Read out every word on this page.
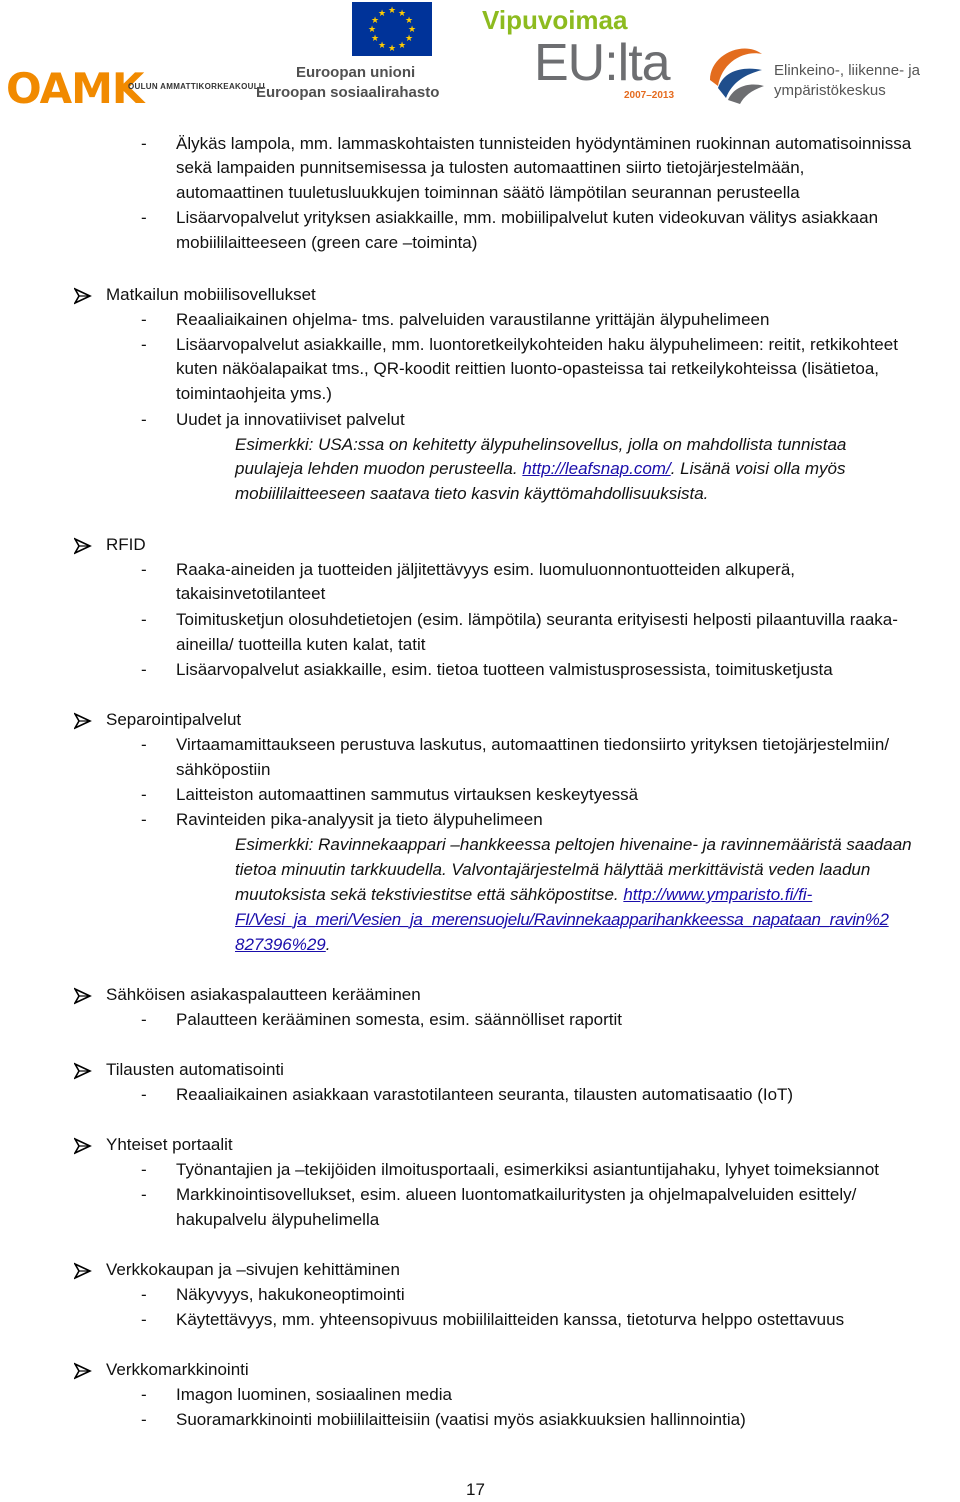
OAMK
OULUN AMMATTIKORKEAKOULU
★ ★
★
★
★
★
★
★
★
★
★
★
Euroopan unioni
Euroopan sosiaalirahasto
Vipuvoimaa
EU:lta
2007–2013
Elinkeino-, liikenne- ja
ympäristökeskus
- Älykäs lampola, mm. lammaskohtaisten tunnisteiden hyödyntäminen ruokinnan automatisoinnissa
sekä lampaiden punnitsemisessa ja tulosten automaattinen siirto tietojärjestelmään,
automaattinen tuuletusluukkujen toiminnan säätö lämpötilan seurannan perusteella
- Lisäarvopalvelut yrityksen asiakkaille, mm. mobiilipalvelut kuten videokuvan välitys asiakkaan
mobiililaitteeseen (green care –toiminta)
Matkailun mobiilisovellukset
- Reaaliaikainen ohjelma- tms. palveluiden varaustilanne yrittäjän älypuhelimeen
- Lisäarvopalvelut asiakkaille, mm. luontoretkeilykohteiden haku älypuhelimeen: reitit, retkikohteet
kuten näköalapaikat tms., QR-koodit reittien luonto-opasteissa tai retkeilykohteissa (lisätietoa,
toimintaohjeita yms.)
- Uudet ja innovatiiviset palvelut
Esimerkki: USA:ssa on kehitetty älypuhelinsovellus, jolla on mahdollista tunnistaa
puulajeja lehden muodon perusteella. http://leafsnap.com/. Lisänä voisi olla myös
mobiililaitteeseen saatava tieto kasvin käyttömahdollisuuksista.
RFID
- Raaka-aineiden ja tuotteiden jäljitettävyys esim. luomuluonnontuotteiden alkuperä,
takaisinvetotilanteet
- Toimitusketjun olosuhdetietojen (esim. lämpötila) seuranta erityisesti helposti pilaantuvilla raaka-
aineilla/ tuotteilla kuten kalat, tatit
- Lisäarvopalvelut asiakkaille, esim. tietoa tuotteen valmistusprosessista, toimitusketjusta
Separointipalvelut
- Virtaamamittaukseen perustuva laskutus, automaattinen tiedonsiirto yrityksen tietojärjestelmiin/
sähköpostiin
- Laitteiston automaattinen sammutus virtauksen keskeytyessä
- Ravinteiden pika-analyysit ja tieto älypuhelimeen
Esimerkki: Ravinnekaappari –hankkeessa peltojen hivenaine- ja ravinnemääristä saadaan
tietoa minuutin tarkkuudella. Valvontajärjestelmä hälyttää merkittävistä veden laadun
muutoksista sekä tekstiviestitse että sähköpostitse. http://www.ymparisto.fi/fi-
FI/Vesi_ja_meri/Vesien_ja_merensuojelu/Ravinnekaapparihankkeessa_napataan_ravin%2
827396%29.
Sähköisen asiakaspalautteen kerääminen
- Palautteen kerääminen somesta, esim. säännölliset raportit
Tilausten automatisointi
- Reaaliaikainen asiakkaan varastotilanteen seuranta, tilausten automatisaatio (IoT)
Yhteiset portaalit
- Työnantajien ja –tekijöiden ilmoitusportaali, esimerkiksi asiantuntijahaku, lyhyet toimeksiannot
- Markkinointisovellukset, esim. alueen luontomatkailuritysten ja ohjelmapalveluiden esittely/
hakupalvelu älypuhelimella
Verkkokaupan ja –sivujen kehittäminen
- Näkyvyys, hakukoneoptimointi
- Käytettävyys, mm. yhteensopivuus mobiililaitteiden kanssa, tietoturva helppo ostettavuus
Verkkomarkkinointi
- Imagon luominen, sosiaalinen media
- Suoramarkkinointi mobiililaitteisiin (vaatisi myös asiakkuuksien hallinnointia)
17
